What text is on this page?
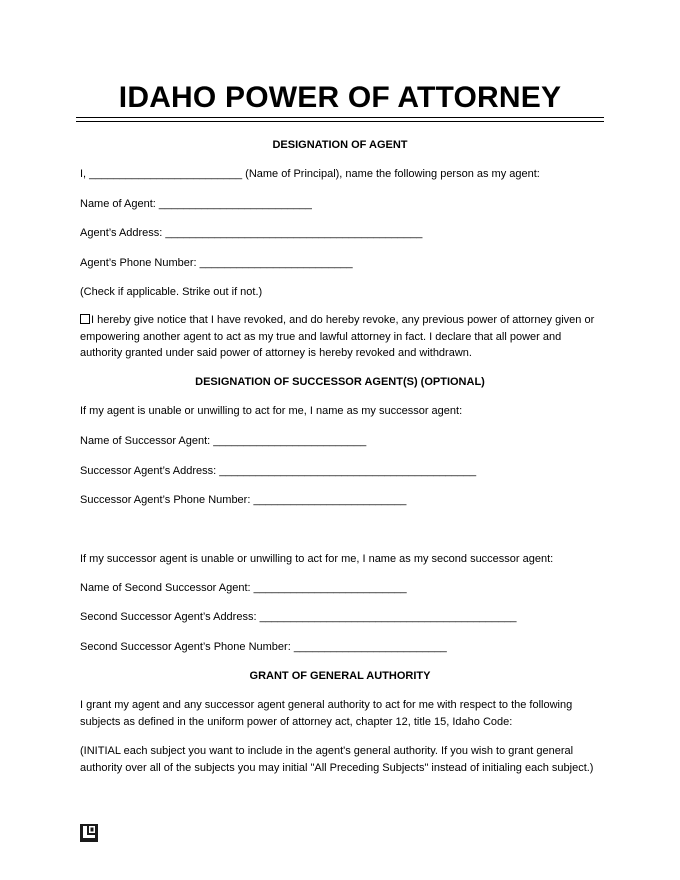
IDAHO POWER OF ATTORNEY
DESIGNATION OF AGENT
I, _________________________ (Name of Principal), name the following person as my agent:
Name of Agent: _________________________
Agent’s Address: __________________________________________
Agent’s Phone Number: _________________________
(Check if applicable. Strike out if not.)
I hereby give notice that I have revoked, and do hereby revoke, any previous power of attorney given or empowering another agent to act as my true and lawful attorney in fact. I declare that all power and authority granted under said power of attorney is hereby revoked and withdrawn.
DESIGNATION OF SUCCESSOR AGENT(S) (OPTIONAL)
If my agent is unable or unwilling to act for me, I name as my successor agent:
Name of Successor Agent: _________________________
Successor Agent’s Address: __________________________________________
Successor Agent’s Phone Number: _________________________
If my successor agent is unable or unwilling to act for me, I name as my second successor agent:
Name of Second Successor Agent: _________________________
Second Successor Agent’s Address: __________________________________________
Second Successor Agent’s Phone Number: _________________________
GRANT OF GENERAL AUTHORITY
I grant my agent and any successor agent general authority to act for me with respect to the following subjects as defined in the uniform power of attorney act, chapter 12, title 15, Idaho Code:
(INITIAL each subject you want to include in the agent's general authority. If you wish to grant general authority over all of the subjects you may initial "All Preceding Subjects" instead of initialing each subject.)
